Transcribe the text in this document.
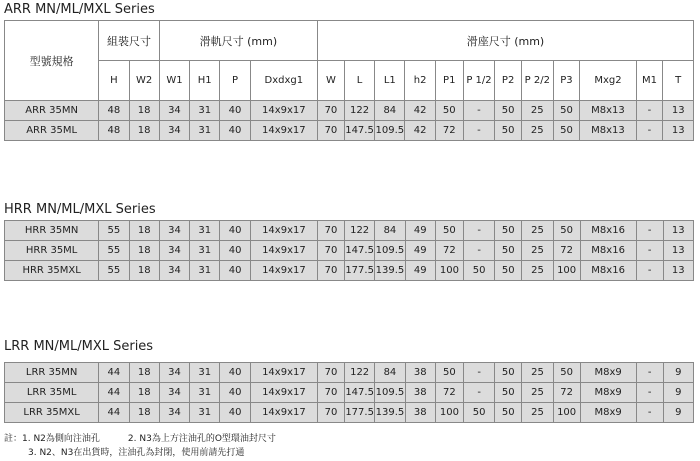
ARR MN/ML/MXL Series
型號規格	組裝尺寸		滑軌尺寸 (mm)				滑座尺寸 (mm)											
	H	W2	W1	H1	P	Dxdxg1	W	L	L1	h2	P1	P 1/2	P2	P 2/2	P3	Mxg2	M1	T
ARR 35MN	48	18	34	31	40	14x9x17	70	122	84	42	50	-	50	25	50	M8x13	-	13
ARR 35ML	48	18	34	31	40	14x9x17	70	147.5	109.5	42	72	-	50	25	50	M8x13	-	13
HRR MN/ML/MXL Series
HRR 35MN	55	18	34	31	40	14x9x17	70	122	84	49	50	-	50	25	50	M8x16	-	13
HRR 35ML	55	18	34	31	40	14x9x17	70	147.5	109.5	49	72	-	50	25	72	M8x16	-	13
HRR 35MXL	55	18	34	31	40	14x9x17	70	177.5	139.5	49	100	50	50	25	100	M8x16	-	13
LRR MN/ML/MXL Series
LRR 35MN	44	18	34	31	40	14x9x17	70	122	84	38	50	-	50	25	50	M8x9	-	9
LRR 35ML	44	18	34	31	40	14x9x17	70	147.5	109.5	38	72	-	50	25	72	M8x9	-	9
LRR 35MXL	44	18	34	31	40	14x9x17	70	177.5	139.5	38	100	50	50	25	100	M8x9	-	9
註：1. N2為側向注油孔	2. N3為上方注油孔的O型環油封尺寸
3. N2、N3在出貨時，注油孔為封閉，使用前請先打通
